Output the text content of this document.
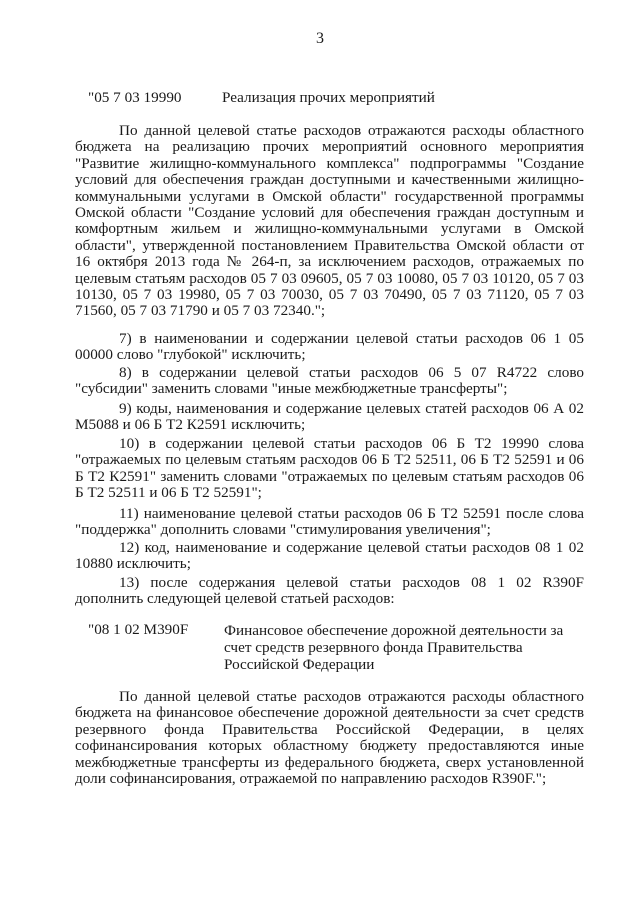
3
"05 7 03 19990	Реализация прочих мероприятий
По данной целевой статье расходов отражаются расходы областного бюджета на реализацию прочих мероприятий основного мероприятия "Развитие жилищно-коммунального комплекса" подпрограммы "Создание условий для обеспечения граждан доступными и качественными жилищно-коммунальными услугами в Омской области" государственной программы Омской области "Создание условий для обеспечения граждан доступным и комфортным жильем и жилищно-коммунальными услугами в Омской области", утвержденной постановлением Правительства Омской области от 16 октября 2013 года № 264-п, за исключением расходов, отражаемых по целевым статьям расходов 05 7 03 09605, 05 7 03 10080, 05 7 03 10120, 05 7 03 10130, 05 7 03 19980, 05 7 03 70030, 05 7 03 70490, 05 7 03 71120, 05 7 03 71560, 05 7 03 71790 и 05 7 03 72340.";
7) в наименовании и содержании целевой статьи расходов 06 1 05 00000 слово "глубокой" исключить;
8) в содержании целевой статьи расходов 06 5 07 R4722 слово "субсидии" заменить словами "иные межбюджетные трансферты";
9) коды, наименования и содержание целевых статей расходов 06 А 02 М5088 и 06 Б Т2 К2591 исключить;
10) в содержании целевой статьи расходов 06 Б Т2 19990 слова "отражаемых по целевым статьям расходов 06 Б Т2 52511, 06 Б Т2 52591 и 06 Б Т2 К2591" заменить словами "отражаемых по целевым статьям расходов 06 Б Т2 52511 и 06 Б Т2 52591";
11) наименование целевой статьи расходов 06 Б Т2 52591 после слова "поддержка" дополнить словами "стимулирования увеличения";
12) код, наименование и содержание целевой статьи расходов 08 1 02 10880 исключить;
13) после содержания целевой статьи расходов 08 1 02 R390F дополнить следующей целевой статьей расходов:
"08 1 02 М390F Финансовое обеспечение дорожной деятельности за счет средств резервного фонда Правительства Российской Федерации
По данной целевой статье расходов отражаются расходы областного бюджета на финансовое обеспечение дорожной деятельности за счет средств резервного фонда Правительства Российской Федерации, в целях софинансирования которых областному бюджету предоставляются иные межбюджетные трансферты из федерального бюджета, сверх установленной доли софинансирования, отражаемой по направлению расходов R390F.";
